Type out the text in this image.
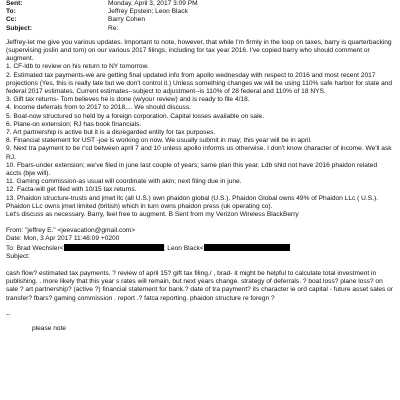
Sent:	Monday, April 3, 2017 3:09 PM
To:	Jeffrey Epstein; Leon Black
Cc:	Barry Cohen
Subject:	Re:

Jeffrey-let me give you various updates. Important to note, however, that while I'm firmly in the loop on taxes, barry is quarterbacking (supervising joslin and tom) on our various 2017 filings, including for tax year 2016. I've copied barry who should comment or augment.

1. CF-ldb to review on his return to NY tomorrow.

2. Estimated tax payments-we are getting final updated info from apollo wednesday with respect to 2016 and most recent 2017 projections (Yes, this is really late but we don't control it.) Unless something changes we will be using 110% safe harbor for state and federal 2017 estimates. Current estimates--subject to adjustment--is 110% of 28 federal and 110% of 18 NYS.

3. Gift tax returns- Tom believes he is done (w/your review) and is ready to file 4/18.

4. Income deferrals from to 2017 to 2018.... We should discuss.

5. Boat-now structured so held by a foreign corporation. Capital losses available on sale.

6. Plane-on extension; RJ has book financials.

7. Art partnership is active but it is a disregarded entity for tax purposes.

8. Financial statement for UST -joe is working on now. We usually submit in may; this year will be in april.

9. Next tra payment to be r'cd between april 7 and 10 unless apollo informs us otherwise. I don't know character of income. We'll ask RJ.

10. Fbars-under extension; we've filed in june last couple of years; same plan this year. Ldb shld not have 2016 phaidon related accts (bjw will).

11. Gaming commission-as usual will coordinate with akin; next filing due in june.

12. Facta-will get filed with 10/15 tax returns.

13. Phaidon structure-trusts and jmwt llc (all U.S.) own phaidon global (U.S.). Phaidon Global owns 49% of Phaidon LLc ( U.S.). Phaidon LLc owns jmwt limited (british) which in turn owns phaidon press (uk operating co).

Let's discuss as necessary. Barry, feel free to augment. B Sent from my Verizon Wireless BlackBerry

From: "jeffrey E." <jeevacation@gmail.com>
Date: Mon, 3 Apr 2017 11:46:09 +0200
To: Brad Wechsler<	; Leon Black<
Subject:

cash flow? estimated tax payments. ? review of april 15? gift tax filing./ , brad- it might be helpful to calculate total investment in publishing. . more likely that this year s rates will remain, but next years change. strategy of deferrals. ? boat loss? plane loss? on sale ? art partnership? (active ?) financial statement for bank.? date of tra payment? its character ie ord capital - future asset sales or transfer? fbars? gaming commission . report .? fatca reporting. phaidon structure re foregn ?

--
please note
